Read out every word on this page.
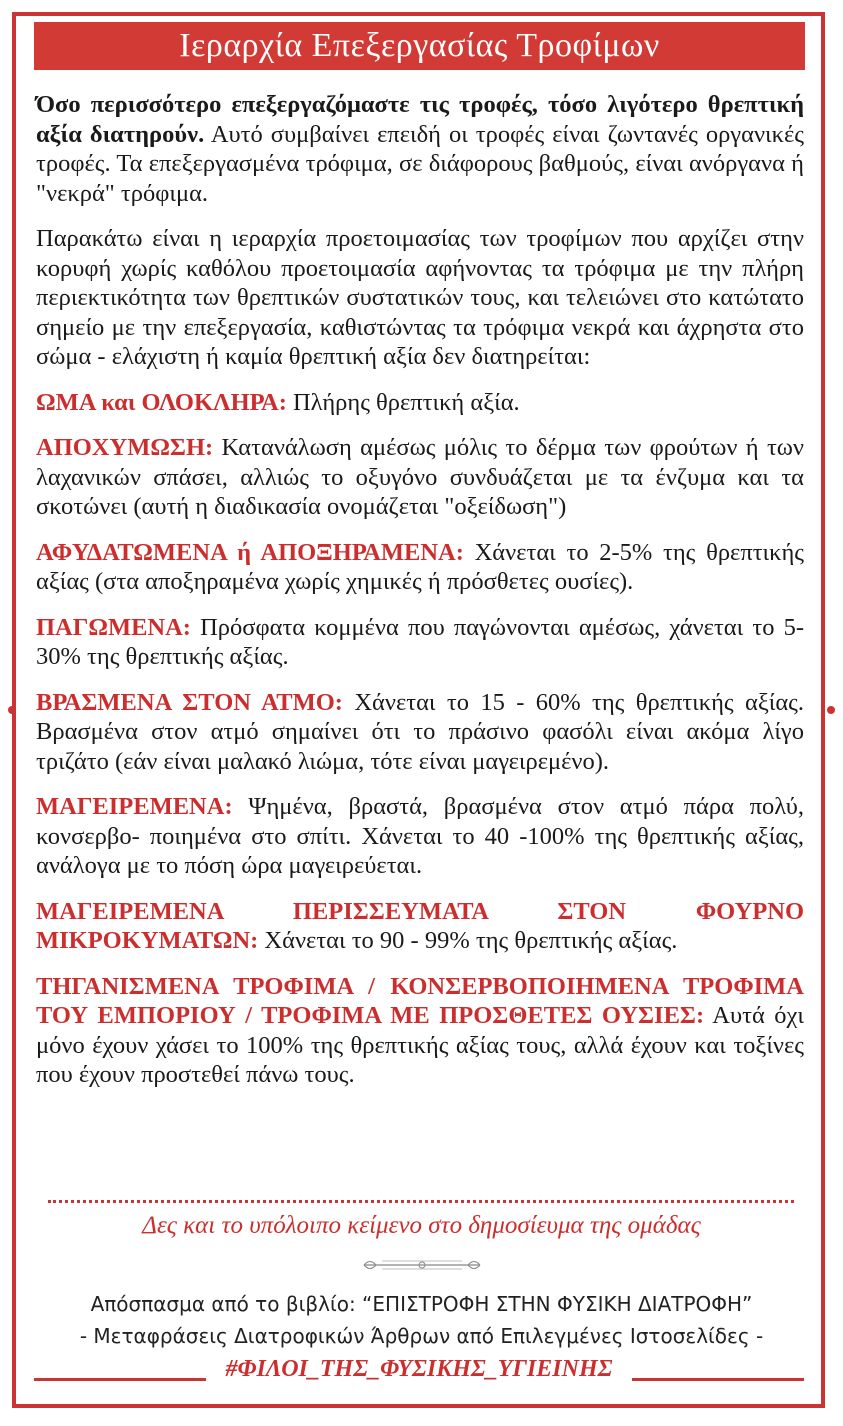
Ιεραρχία Επεξεργασίας Τροφίμων

Όσο περισσότερο επεξεργαζόμαστε τις τροφές, τόσο λιγότερο θρεπτική αξία διατηρούν. Αυτό συμβαίνει επειδή οι τροφές είναι ζωντανές οργανικές τροφές. Τα επεξεργασμένα τρόφιμα, σε διάφορους βαθμούς, είναι ανόργανα ή "νεκρά" τρόφιμα.

Παρακάτω είναι η ιεραρχία προετοιμασίας των τροφίμων που αρχίζει στην κορυφή χωρίς καθόλου προετοιμασία αφήνοντας τα τρόφιμα με την πλήρη περιεκτικότητα των θρεπτικών συστατικών τους, και τελειώνει στο κατώτατο σημείο με την επεξεργασία, καθιστώντας τα τρόφιμα νεκρά και άχρηστα στο σώμα - ελάχιστη ή καμία θρεπτική αξία δεν διατηρείται:

ΩΜΑ και ΟΛΟΚΛΗΡΑ: Πλήρης θρεπτική αξία.

ΑΠΟΧΥΜΩΣΗ: Κατανάλωση αμέσως μόλις το δέρμα των φρούτων ή των λαχανικών σπάσει, αλλιώς το οξυγόνο συνδυάζεται με τα ένζυμα και τα σκοτώνει (αυτή η διαδικασία ονομάζεται "οξείδωση")

ΑΦΥΔΑΤΩΜΕΝΑ ή ΑΠΟΞΗΡΑΜΕΝΑ: Χάνεται το 2-5% της θρεπτικής αξίας (στα αποξηραμένα χωρίς χημικές ή πρόσθετες ουσίες).

ΠΑΓΩΜΕΝΑ: Πρόσφατα κομμένα που παγώνονται αμέσως, χάνεται το 5-30% της θρεπτικής αξίας.

ΒΡΑΣΜΕΝΑ ΣΤΟΝ ΑΤΜΟ: Χάνεται το 15 - 60% της θρεπτικής αξίας. Βρασμένα στον ατμό σημαίνει ότι το πράσινο φασόλι είναι ακόμα λίγο τριζάτο (εάν είναι μαλακό λιώμα, τότε είναι μαγειρεμένο).

ΜΑΓΕΙΡΕΜΕΝΑ: Ψημένα, βραστά, βρασμένα στον ατμό πάρα πολύ, κονσερβο- ποιημένα στο σπίτι. Χάνεται το 40 -100% της θρεπτικής αξίας, ανάλογα με το πόση ώρα μαγειρεύεται.

ΜΑΓΕΙΡΕΜΕΝΑ ΠΕΡΙΣΣΕΥΜΑΤΑ ΣΤΟΝ ΦΟΥΡΝΟ ΜΙΚΡΟΚΥΜΑΤΩΝ: Χάνεται το 90 - 99% της θρεπτικής αξίας.

ΤΗΓΑΝΙΣΜΕΝΑ ΤΡΟΦΙΜΑ / ΚΟΝΣΕΡΒΟΠΟΙΗΜΕΝΑ ΤΡΟΦΙΜΑ ΤΟΥ ΕΜΠΟΡΙΟΥ / ΤΡΟΦΙΜΑ ΜΕ ΠΡΟΣΘΕΤΕΣ ΟΥΣΙΕΣ: Αυτά όχι μόνο έχουν χάσει το 100% της θρεπτικής αξίας τους, αλλά έχουν και τοξίνες που έχουν προστεθεί πάνω τους.

Δες και το υπόλοιπο κείμενο στο δημοσίευμα της ομάδας
Απόσπασμα από το βιβλίο: “ΕΠΙΣΤΡΟΦΗ ΣΤΗΝ ΦΥΣΙΚΗ ΔΙΑΤΡΟΦΗ”
- Μεταφράσεις Διατροφικών Άρθρων από Επιλεγμένες Ιστοσελίδες -
#ΦΙΛΟΙ_ΤΗΣ_ΦΥΣΙΚΗΣ_ΥΓΙΕΙΝΗΣ
